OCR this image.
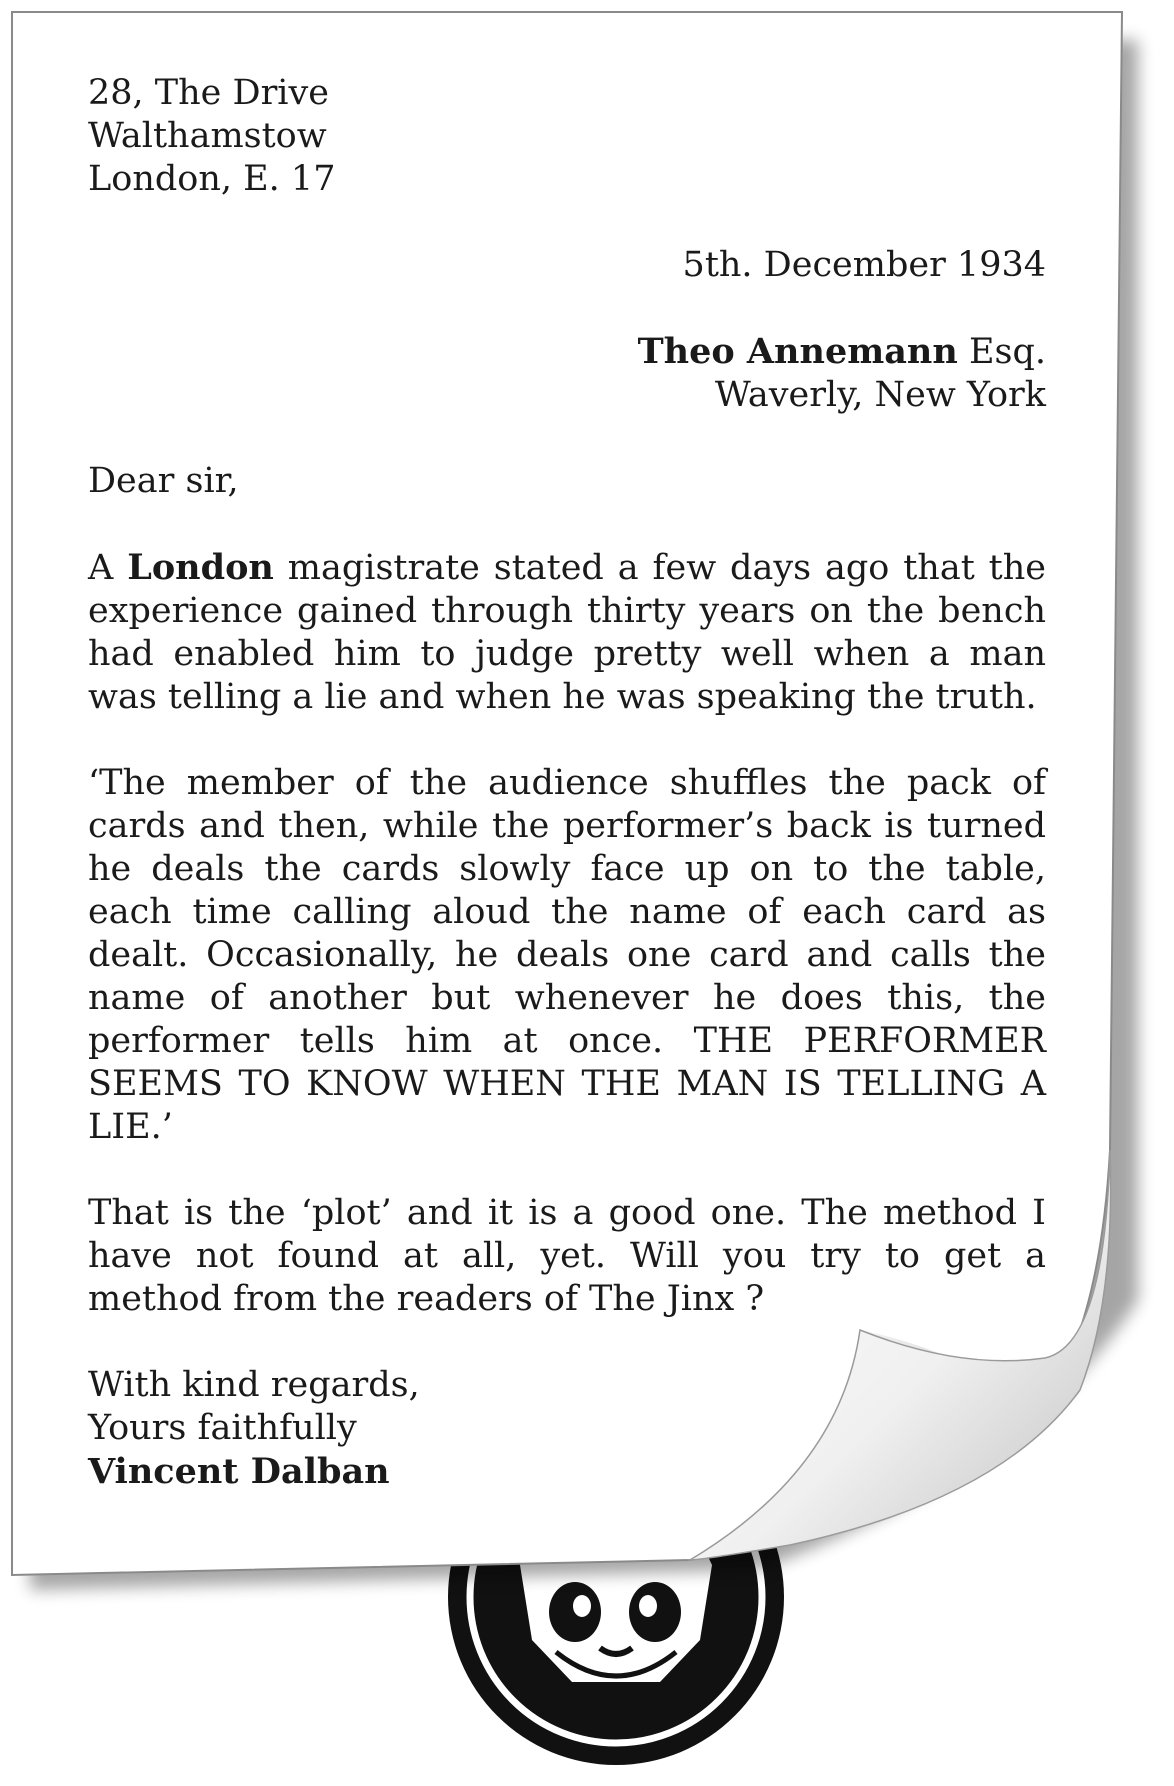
28, The Drive
Walthamstow
London, E. 17
5th. December 1934
Theo Annemann Esq.
Waverly, New York
Dear sir,

A London magistrate stated a few days ago that the experience gained through thirty years on the bench had enabled him to judge pretty well when a man was telling a lie and when he was speaking the truth.

‘The member of the audience shuffles the pack of cards and then, while the performer’s back is turned he deals the cards slowly face up on to the table, each time calling aloud the name of each card as dealt. Occasionally, he deals one card and calls the name of another but whenever he does this, the performer tells him at once. THE PERFORMER SEEMS TO KNOW WHEN THE MAN IS TELLING A LIE.’

That is the ‘plot’ and it is a good one. The method I have not found at all, yet. Will you try to get a method from the readers of The Jinx ?

With kind regards,
Yours faithfully
Vincent Dalban
